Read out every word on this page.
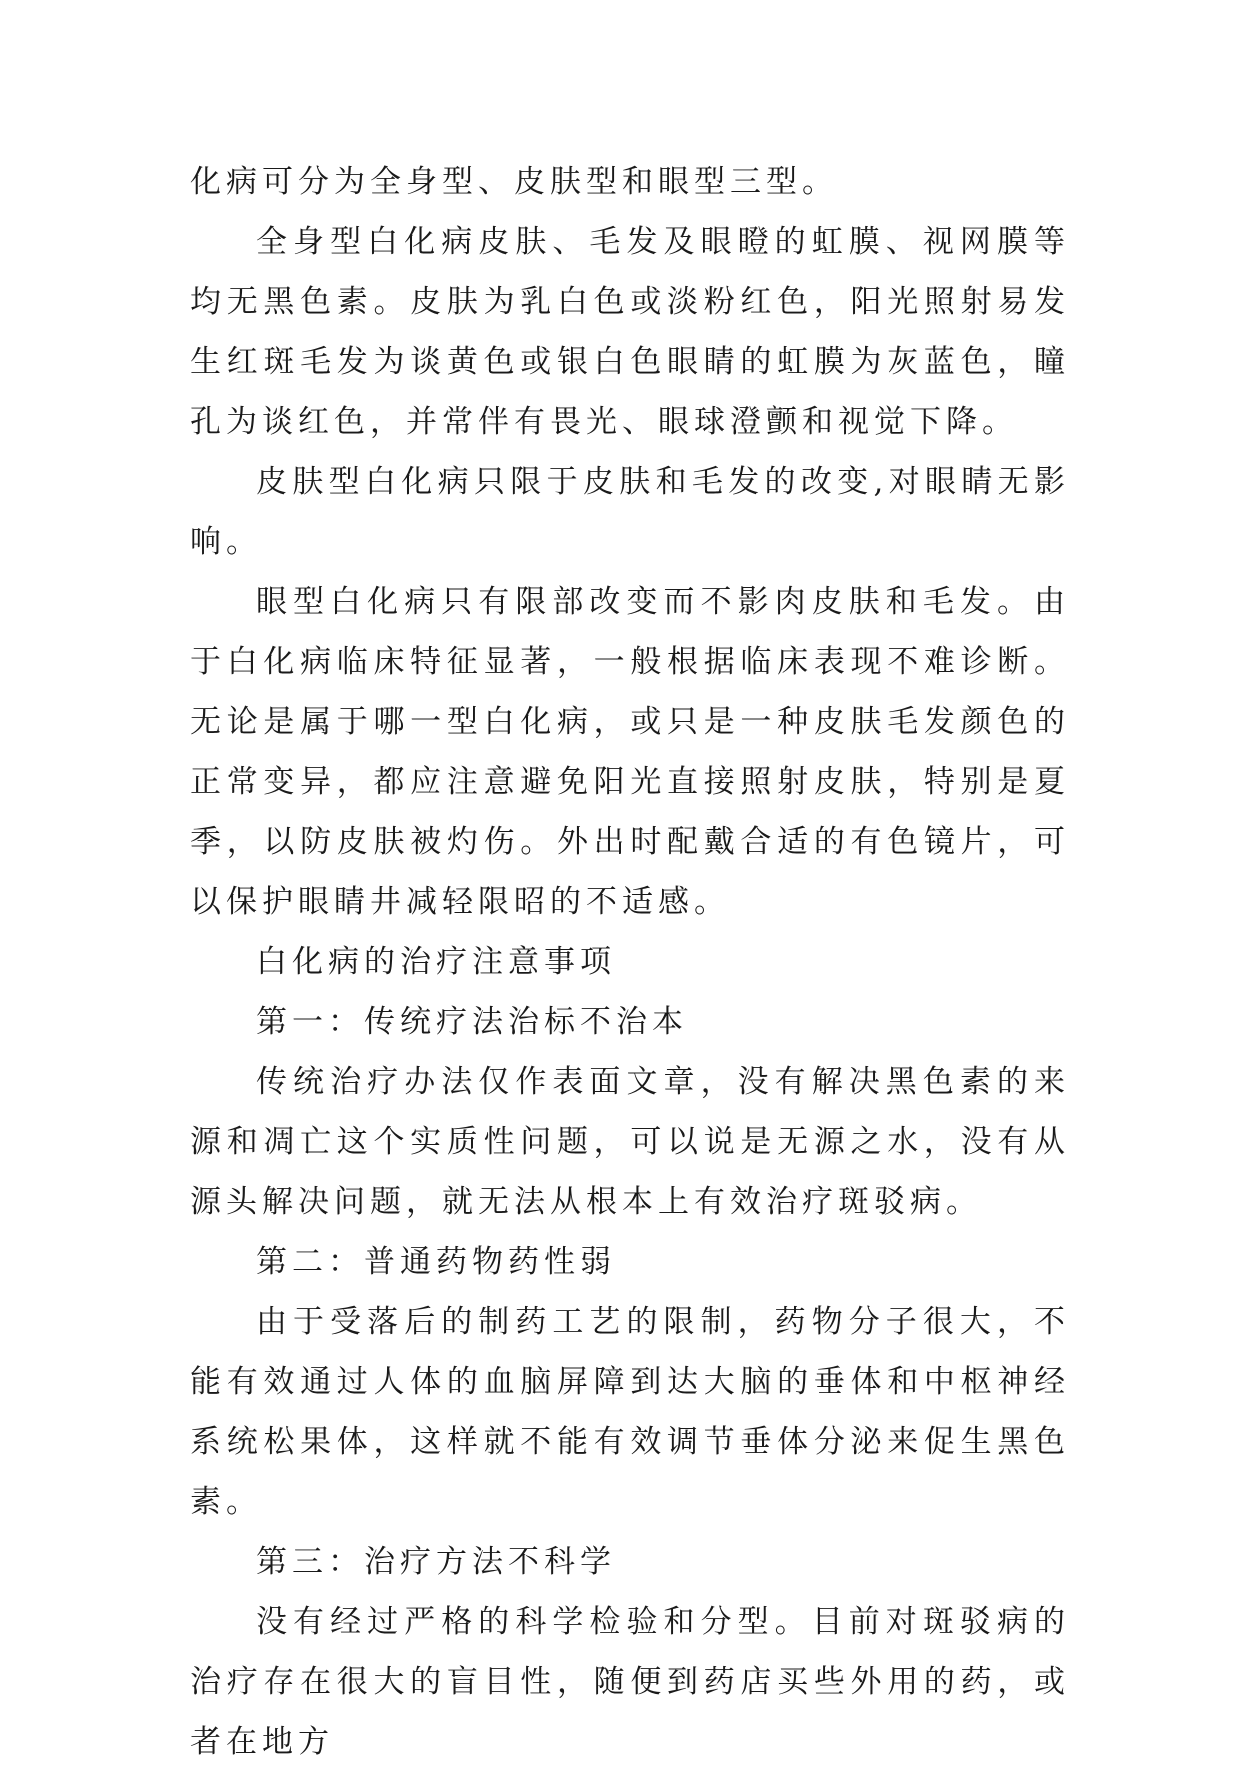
化病可分为全身型、皮肤型和眼型三型。

全身型白化病皮肤、毛发及眼瞪的虹膜、视网膜等均无黑色素。皮肤为乳白色或淡粉红色，阳光照射易发生红斑毛发为谈黄色或银白色眼睛的虹膜为灰蓝色，瞳孔为谈红色，并常伴有畏光、眼球澄颤和视觉下降。

皮肤型白化病只限于皮肤和毛发的改变,对眼睛无影响。

眼型白化病只有限部改变而不影肉皮肤和毛发。由于白化病临床特征显著，一般根据临床表现不难诊断。无论是属于哪一型白化病，或只是一种皮肤毛发颜色的正常变异，都应注意避免阳光直接照射皮肤，特别是夏季，以防皮肤被灼伤。外出时配戴合适的有色镜片，可以保护眼睛井减轻限昭的不适感。

白化病的治疗注意事项

第一：传统疗法治标不治本

传统治疗办法仅作表面文章，没有解决黑色素的来源和凋亡这个实质性问题，可以说是无源之水，没有从源头解决问题，就无法从根本上有效治疗斑驳病。

第二：普通药物药性弱

由于受落后的制药工艺的限制，药物分子很大，不能有效通过人体的血脑屏障到达大脑的垂体和中枢神经系统松果体，这样就不能有效调节垂体分泌来促生黑色素。

第三：治疗方法不科学

没有经过严格的科学检验和分型。目前对斑驳病的治疗存在很大的盲目性，随便到药店买些外用的药，或者在地方
